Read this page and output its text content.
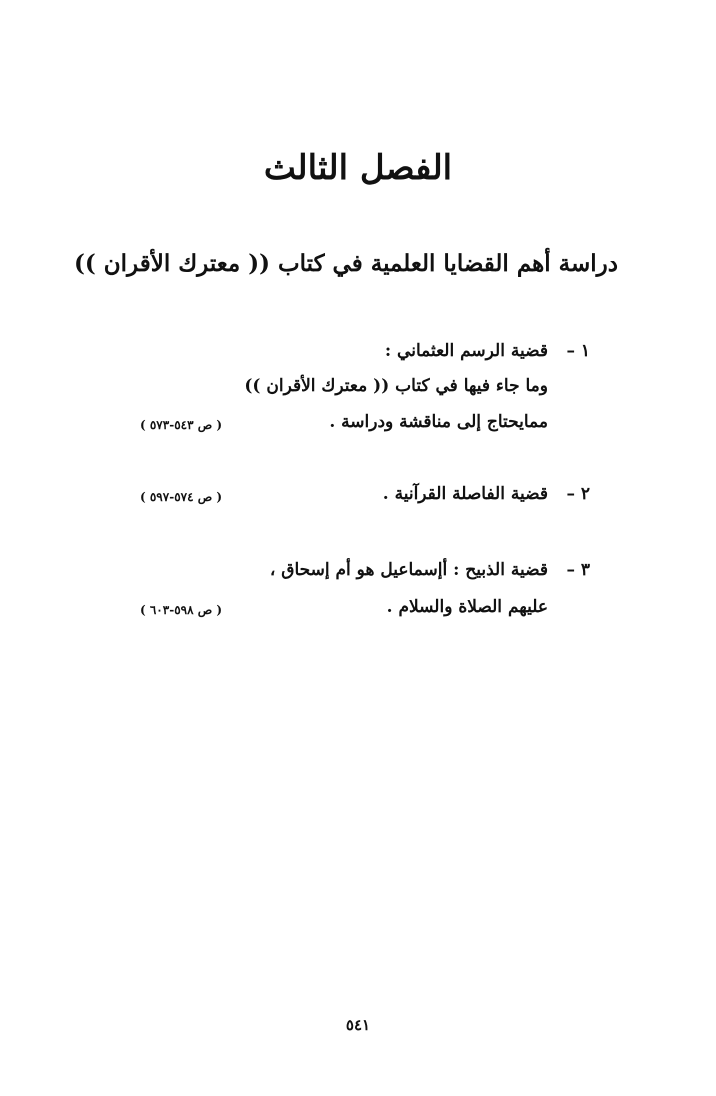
الفصل الثالث
دراسة أهم القضايا العلمية في كتاب (( معترك الأقران ))
١ –قضية الرسم العثماني :
وما جاء فيها في كتاب (( معترك الأقران ))
ممايحتاج إلى مناقشة ودراسة .
( ص ٥٤٣-٥٧٣ )
٢ –قضية الفاصلة القرآنية .
( ص ٥٧٤-٥٩٧ )
٣ –قضية الذبيح : أإسماعيل هو أم إسحاق ،
عليهم الصلاة والسلام .
( ص ٥٩٨-٦٠٣ )
٥٤١
